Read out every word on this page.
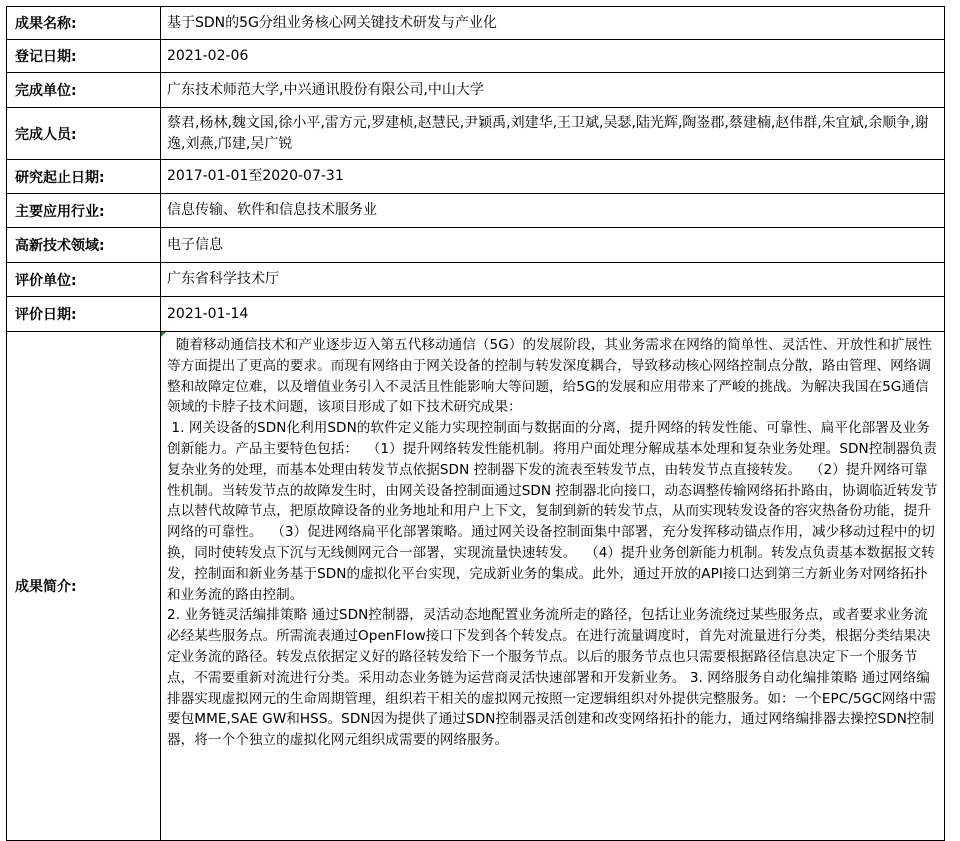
成果名称:	基于SDN的5G分组业务核心网关键技术研发与产业化
登记日期:	2021-02-06
完成单位:	广东技术师范大学,中兴通讯股份有限公司,中山大学
完成人员:	蔡君,杨林,魏文国,徐小平,雷方元,罗建桢,赵慧民,尹颖禹,刘建华,王卫斌,吴瑟,陆光辉,陶崟郡,蔡建楠,赵伟群,朱宜斌,余顺争,谢逸,刘燕,邝建,吴广锐
研究起止日期:	2017-01-01至2020-07-31
主要应用行业:	信息传输、软件和信息技术服务业
高新技术领域:	电子信息
评价单位:	广东省科学技术厅
评价日期:	2021-01-14
成果简介:	随着移动通信技术和产业逐步迈入第五代移动通信（5G）的发展阶段，其业务需求在网络的简单性、灵活性、开放性和扩展性等方面提出了更高的要求。而现有网络由于网关设备的控制与转发深度耦合，导致移动核心网络控制点分散，路由管理、网络调整和故障定位难，以及增值业务引入不灵活且性能影响大等问题，给5G的发展和应用带来了严峻的挑战。为解决我国在5G通信领域的卡脖子技术问题，该项目形成了如下技术研究成果：
1. 网关设备的SDN化利用SDN的软件定义能力实现控制面与数据面的分离，提升网络的转发性能、可靠性、扁平化部署及业务创新能力。产品主要特色包括：  （1）提升网络转发性能机制。将用户面处理分解成基本处理和复杂业务处理。SDN控制器负责复杂业务的处理，而基本处理由转发节点依据SDN 控制器下发的流表至转发节点，由转发节点直接转发。  （2）提升网络可靠性机制。当转发节点的故障发生时，由网关设备控制面通过SDN 控制器北向接口，动态调整传输网络拓扑路由，协调临近转发节点以替代故障节点，把原故障设备的业务地址和用户上下文，复制到新的转发节点，从而实现转发设备的容灾热备份功能，提升网络的可靠性。  （3）促进网络扁平化部署策略。通过网关设备控制面集中部署，充分发挥移动锚点作用，减少移动过程中的切换，同时使转发点下沉与无线侧网元合一部署，实现流量快速转发。  （4）提升业务创新能力机制。转发点负责基本数据报文转发，控制面和新业务基于SDN的虚拟化平台实现，完成新业务的集成。此外，通过开放的API接口达到第三方新业务对网络拓扑和业务流的路由控制。
2. 业务链灵活编排策略 通过SDN控制器，灵活动态地配置业务流所走的路径，包括让业务流绕过某些服务点，或者要求业务流必经某些服务点。所需流表通过OpenFlow接口下发到各个转发点。在进行流量调度时，首先对流量进行分类，根据分类结果决定业务流的路径。转发点依据定义好的路径转发给下一个服务节点。以后的服务节点也只需要根据路径信息决定下一个服务节点，不需要重新对流进行分类。采用动态业务链为运营商灵活快速部署和开发新业务。 3. 网络服务自动化编排策略 通过网络编排器实现虚拟网元的生命周期管理，组织若干相关的虚拟网元按照一定逻辑组织对外提供完整服务。如：一个EPC/5GC网络中需要包MME,SAE GW和HSS。SDN因为提供了通过SDN控制器灵活创建和改变网络拓扑的能力，通过网络编排器去操控SDN控制器，将一个个独立的虚拟化网元组织成需要的网络服务。
